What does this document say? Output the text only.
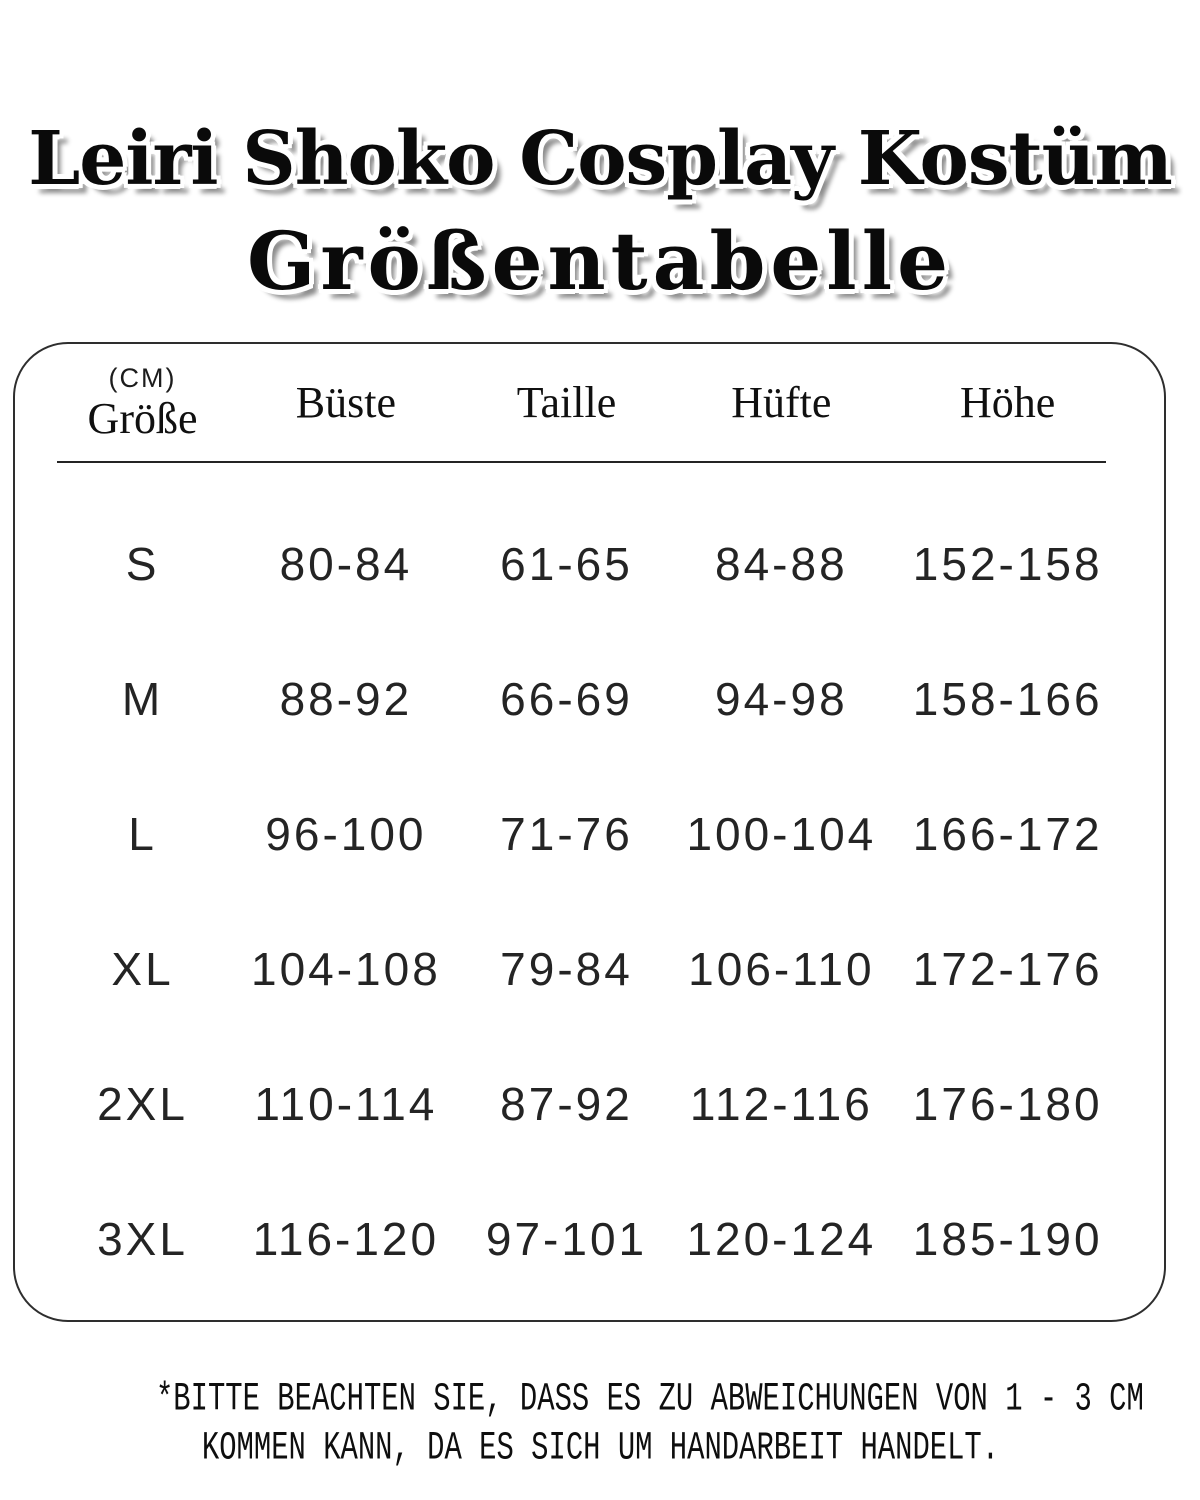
Leiri Shoko Cosplay Kostüm
Größentabelle
(CM)
Größe Büste	Taille	Hüfte	Höhe
S	80-84 61-65 84-88 152-158
M	88-92 66-69 94-98 158-166
L 96-100 71-76 100-104 166-172
XL 104-108 79-84 106-110 172-176
2XL 110-114 87-92 112-116 176-180
3XL 116-120 97-101 120-124 185-190
*BITTE BEACHTEN SIE, DASS ES ZU ABWEICHUNGEN VON 1 - 3 CM
KOMMEN KANN, DA ES SICH UM HANDARBEIT HANDELT.
